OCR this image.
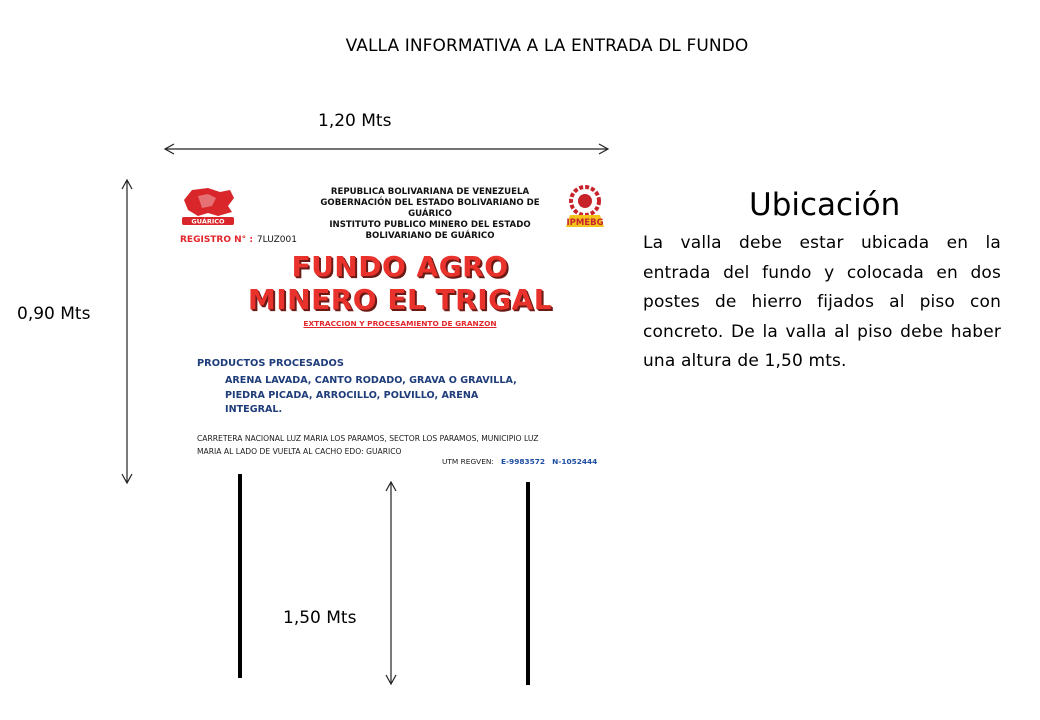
VALLA INFORMATIVA A LA ENTRADA DL FUNDO
1,20 Mts
0,90 Mts
1,50 Mts
GUÁRICO
REPUBLICA BOLIVARIANA DE VENEZUELA
GOBERNACIÓN DEL ESTADO BOLIVARIANO DE GUÁRICO
INSTITUTO PUBLICO MINERO DEL ESTADO BOLIVARIANO DE GUÁRICO
IPMEBG
REGISTRO N° : 7LUZ001
FUNDO AGRO
MINERO EL TRIGAL
EXTRACCION Y PROCESAMIENTO DE GRANZON
PRODUCTOS PROCESADOS
ARENA LAVADA, CANTO RODADO, GRAVA O GRAVILLA,
PIEDRA PICADA, ARROCILLO, POLVILLO, ARENA
INTEGRAL.
CARRETERA NACIONAL LUZ MARIA LOS PARAMOS, SECTOR LOS PARAMOS, MUNICIPIO LUZ
MARIA AL LADO DE VUELTA AL CACHO EDO: GUARICO
UTM REGVEN: E-9983572 N-1052444
Ubicación
La valla debe estar ubicada en la entrada del fundo y colocada en dos postes de hierro fijados al piso con concreto. De la valla al piso debe haber una altura de 1,50 mts.
